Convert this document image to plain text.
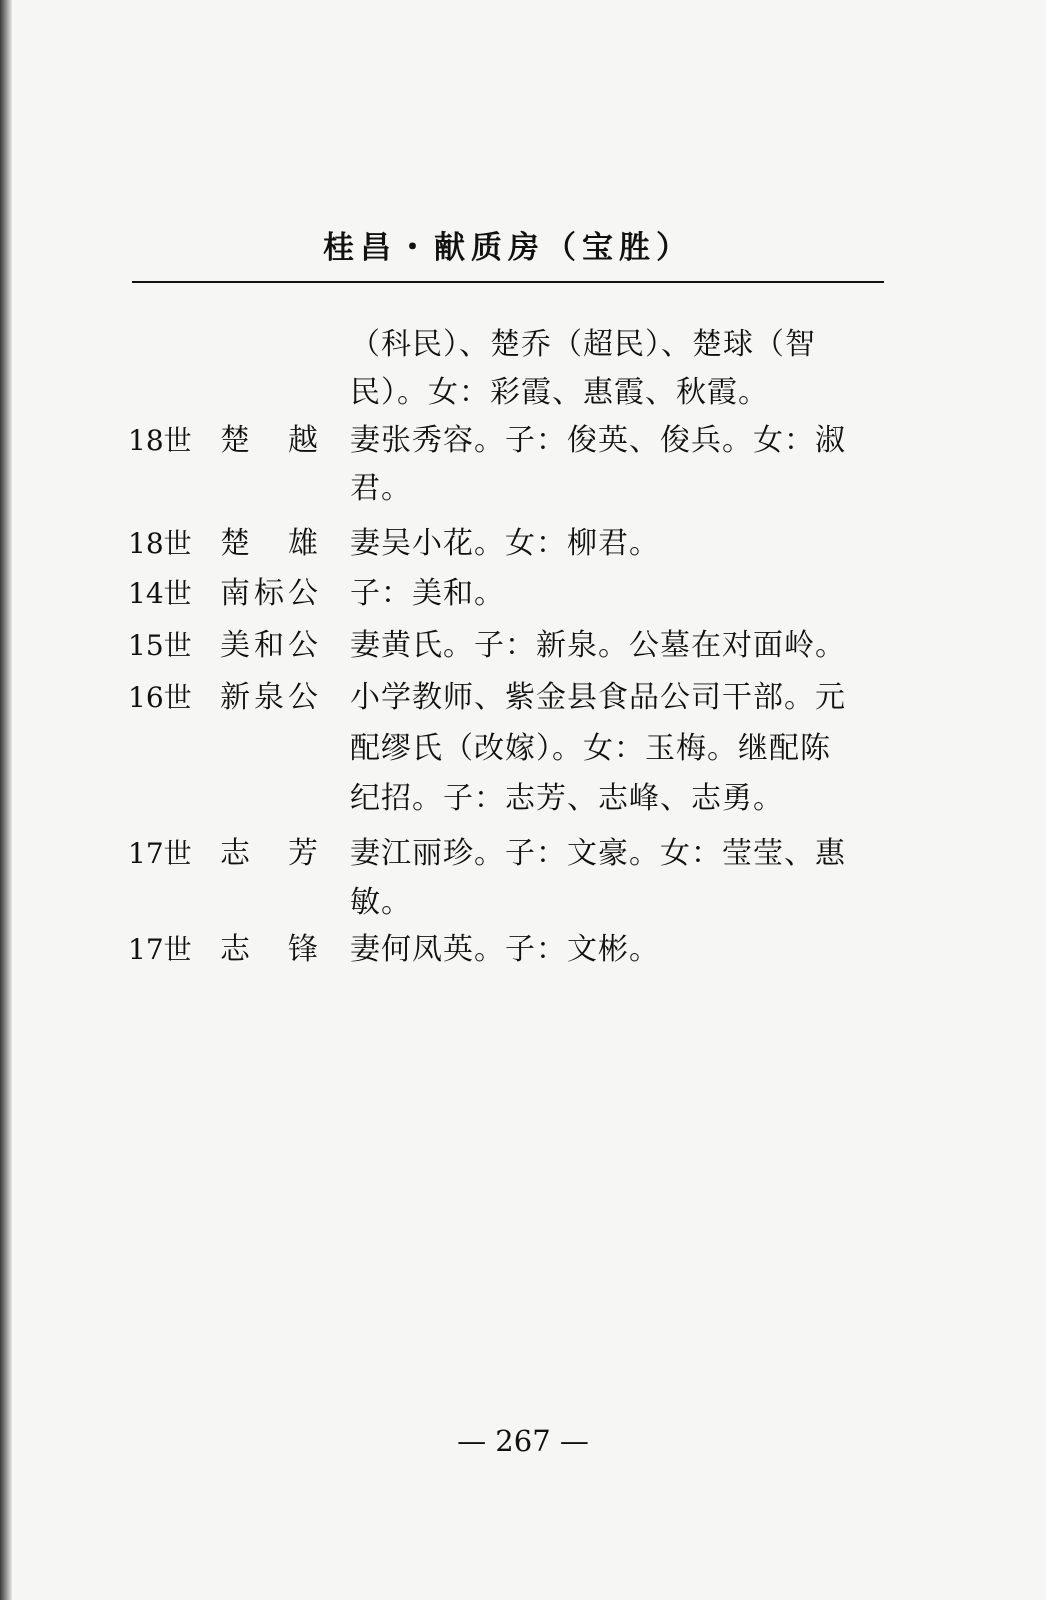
桂昌・献质房（宝胜）
（科民）、楚乔（超民）、楚球（智
民）。女：彩霞、惠霞、秋霞。
18世 楚越 妻张秀容。子：俊英、俊兵。女：淑
君。
18世 楚雄 妻吴小花。女：柳君。
14世 南标公 子：美和。
15世 美和公 妻黄氏。子：新泉。公墓在对面岭。
16世 新泉公 小学教师、紫金县食品公司干部。元
配缪氏（改嫁）。女：玉梅。继配陈
纪招。子：志芳、志峰、志勇。
17世 志芳 妻江丽珍。子：文豪。女：莹莹、惠
敏。
17世 志锋 妻何凤英。子：文彬。
— 267 —
